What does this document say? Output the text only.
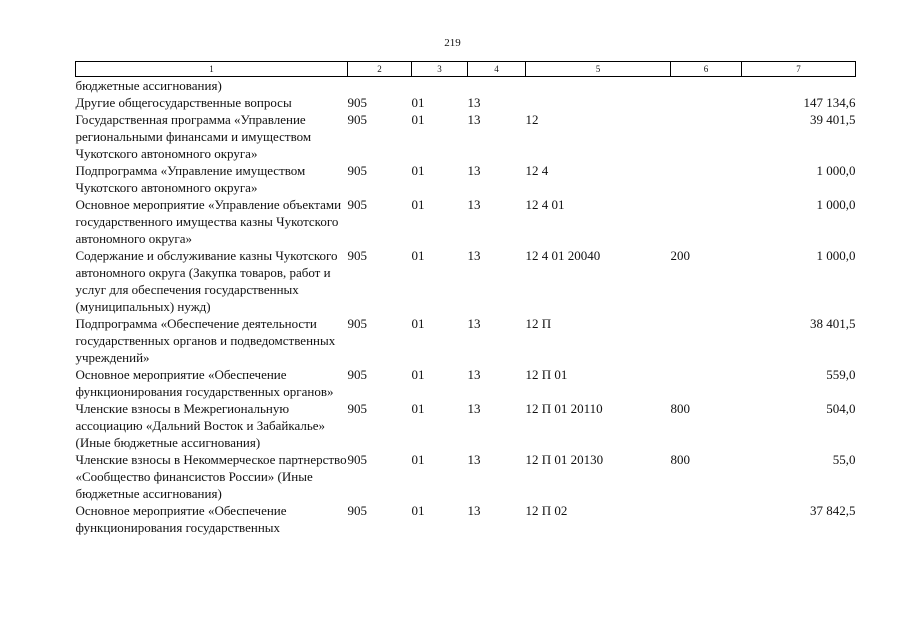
219
1	2	3	4	5	6	7
бюджетные ассигнования)						
Другие общегосударственные вопросы	905	01	13			147 134,6
Государственная программа «Управление региональными финансами и имуществом Чукотского автономного округа»	905	01	13	12		39 401,5
Подпрограмма «Управление имуществом Чукотского автономного округа»	905	01	13	12 4		1 000,0
Основное мероприятие «Управление объектами государственного имущества казны Чукотского автономного округа»	905	01	13	12 4 01		1 000,0
Содержание и обслуживание казны Чукотского автономного округа (Закупка товаров, работ и услуг для обеспечения государственных (муниципальных) нужд)	905	01	13	12 4 01 20040	200	1 000,0
Подпрограмма «Обеспечение деятельности государственных органов и подведомственных учреждений»	905	01	13	12 П		38 401,5
Основное мероприятие «Обеспечение функционирования государственных органов»	905	01	13	12 П 01		559,0
Членские взносы в Межрегиональную ассоциацию «Дальний Восток и Забайкалье» (Иные бюджетные ассигнования)	905	01	13	12 П 01 20110	800	504,0
Членские взносы в Некоммерческое партнерство «Сообщество финансистов России» (Иные бюджетные ассигнования)	905	01	13	12 П 01 20130	800	55,0
Основное мероприятие «Обеспечение функционирования государственных	905	01	13	12 П 02		37 842,5
